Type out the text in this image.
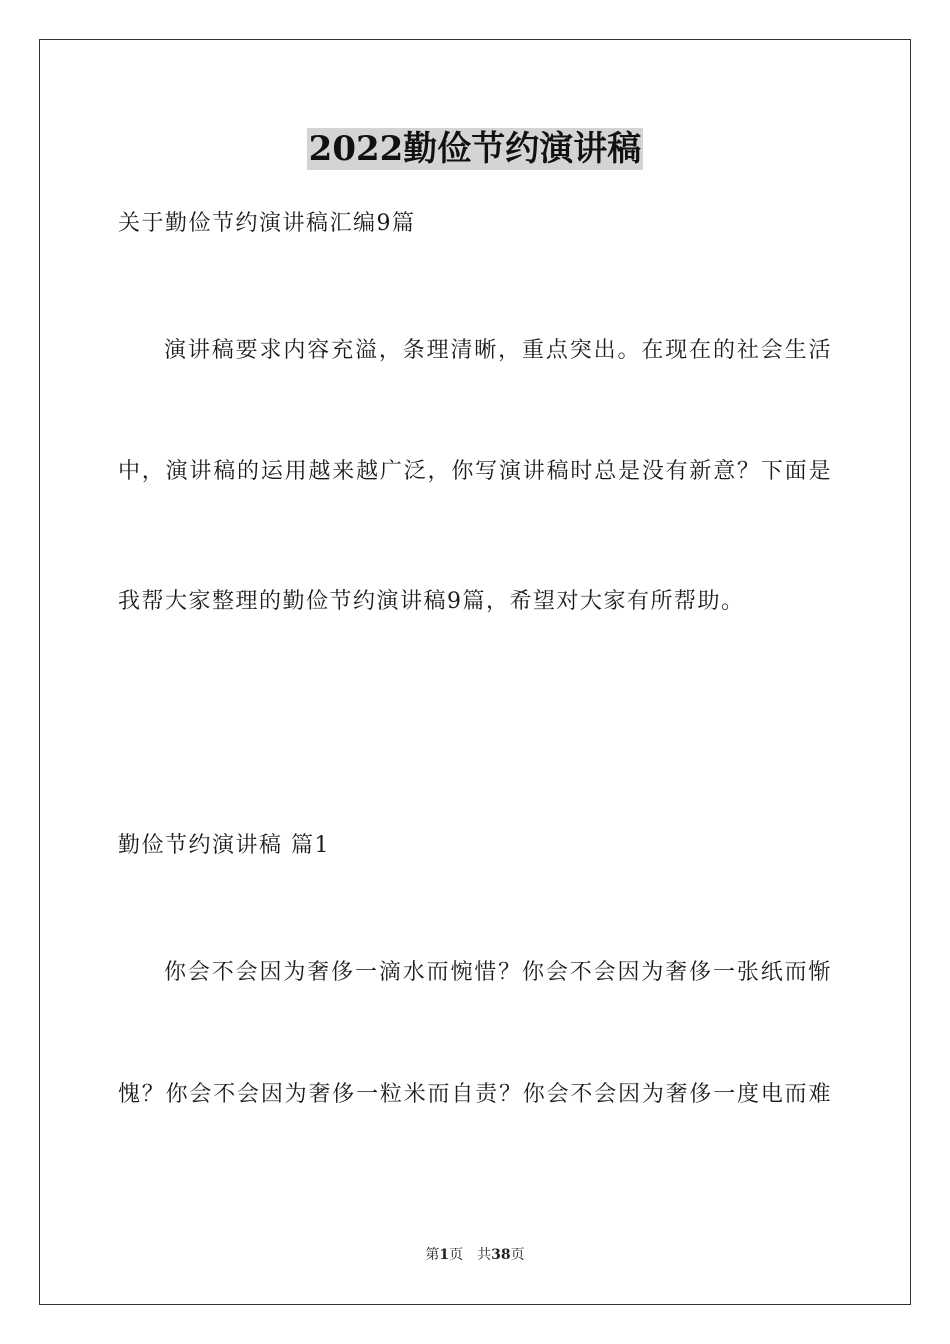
2022勤俭节约演讲稿
关于勤俭节约演讲稿汇编9篇
演讲稿要求内容充溢，条理清晰，重点突出。在现在的社会生活
中，演讲稿的运用越来越广泛，你写演讲稿时总是没有新意？下面是
我帮大家整理的勤俭节约演讲稿9篇，希望对大家有所帮助。
勤俭节约演讲稿 篇1
你会不会因为奢侈一滴水而惋惜？你会不会因为奢侈一张纸而惭
愧？你会不会因为奢侈一粒米而自责？你会不会因为奢侈一度电而难
第1页 共38页
